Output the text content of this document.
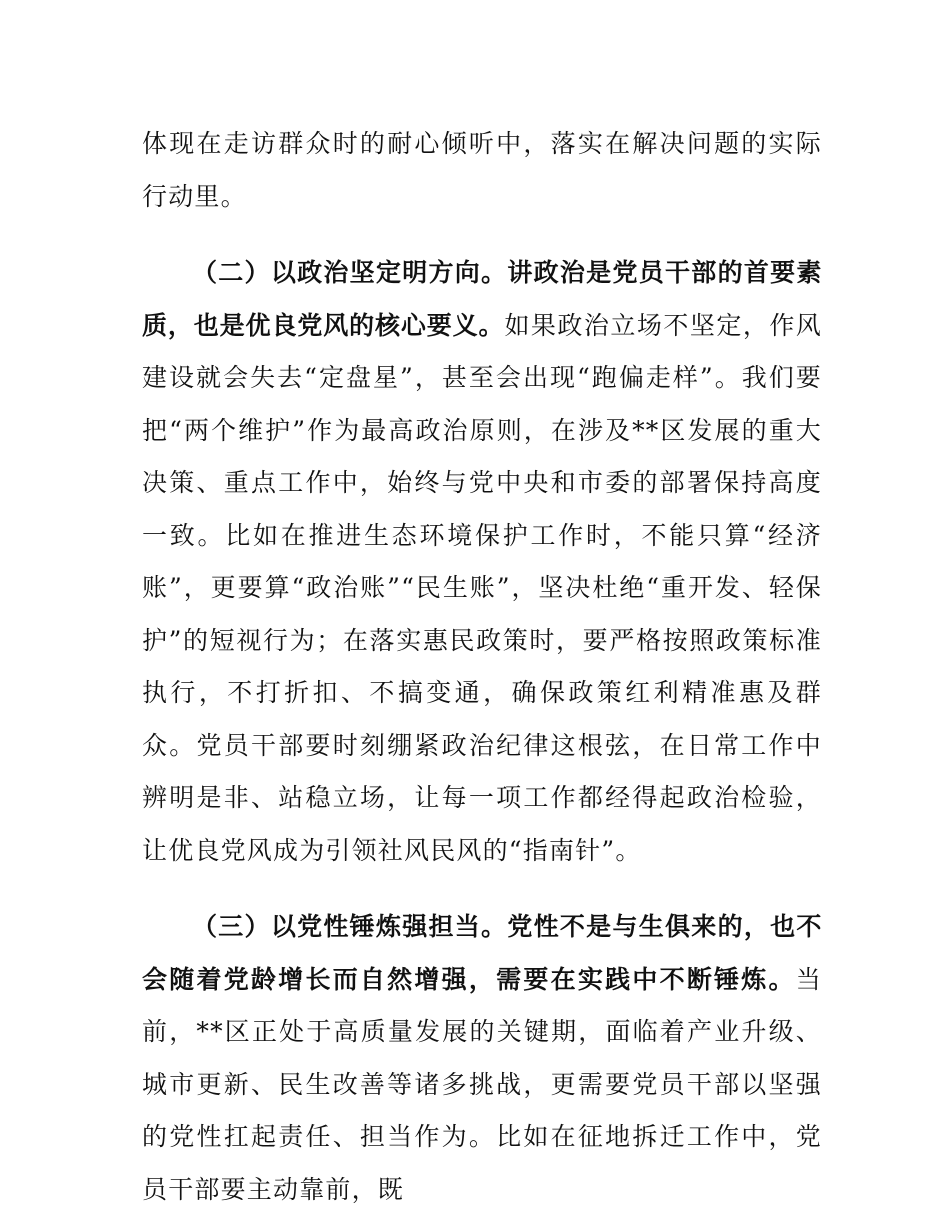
体现在走访群众时的耐心倾听中，落实在解决问题的实际行动里。

（二）以政治坚定明方向。讲政治是党员干部的首要素质，也是优良党风的核心要义。如果政治立场不坚定，作风建设就会失去“定盘星”，甚至会出现“跑偏走样”。我们要把“两个维护”作为最高政治原则，在涉及**区发展的重大决策、重点工作中，始终与党中央和市委的部署保持高度一致。比如在推进生态环境保护工作时，不能只算“经济账”，更要算“政治账”“民生账”，坚决杜绝“重开发、轻保护”的短视行为；在落实惠民政策时，要严格按照政策标准执行，不打折扣、不搞变通，确保政策红利精准惠及群众。党员干部要时刻绷紧政治纪律这根弦，在日常工作中辨明是非、站稳立场，让每一项工作都经得起政治检验，让优良党风成为引领社风民风的“指南针”。

（三）以党性锤炼强担当。党性不是与生俱来的，也不会随着党龄增长而自然增强，需要在实践中不断锤炼。当前，**区正处于高质量发展的关键期，面临着产业升级、城市更新、民生改善等诸多挑战，更需要党员干部以坚强的党性扛起责任、担当作为。比如在征地拆迁工作中，党员干部要主动靠前，既
